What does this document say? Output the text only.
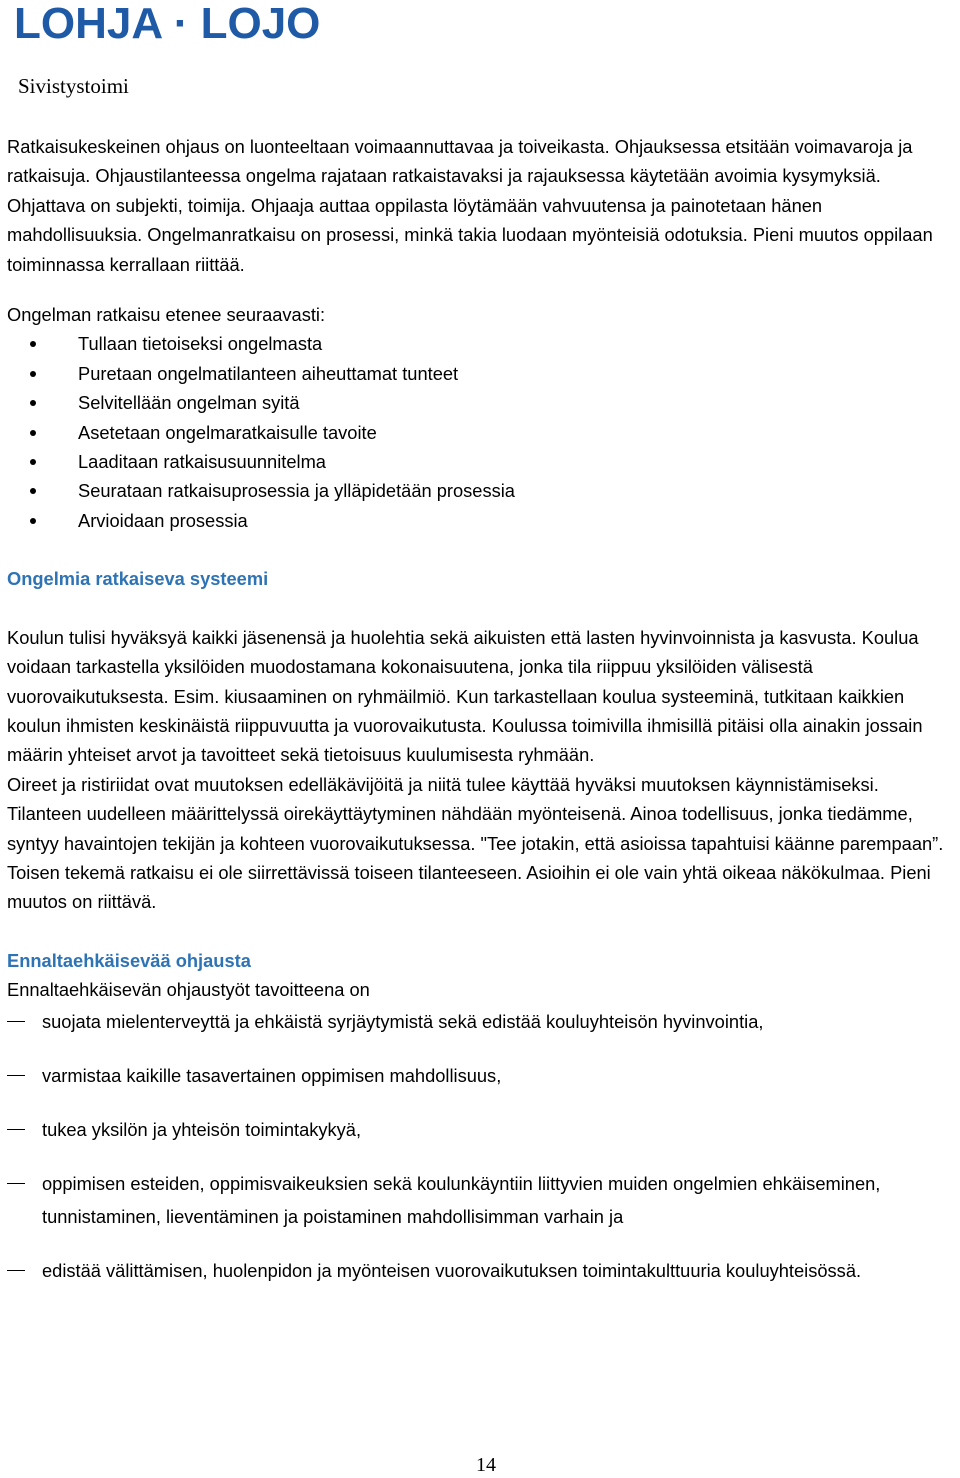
LOHJA · LOJO
Sivistystoimi

Ratkaisukeskeinen ohjaus on luonteeltaan voimaannuttavaa ja toiveikasta. Ohjauksessa etsitään voimavaroja ja ratkaisuja. Ohjaustilanteessa ongelma rajataan ratkaistavaksi ja rajauksessa käytetään avoimia kysymyksiä. Ohjattava on subjekti, toimija. Ohjaaja auttaa oppilasta löytämään vahvuutensa ja painotetaan hänen mahdollisuuksia. Ongelmanratkaisu on prosessi, minkä takia luodaan myönteisiä odotuksia. Pieni muutos oppilaan toiminnassa kerrallaan riittää.

Ongelman ratkaisu etenee seuraavasti:

Tullaan tietoiseksi ongelmasta
Puretaan ongelmatilanteen aiheuttamat tunteet
Selvitellään ongelman syitä
Asetetaan ongelmaratkaisulle tavoite
Laaditaan ratkaisusuunnitelma
Seurataan ratkaisuprosessia ja ylläpidetään prosessia
Arvioidaan prosessia
Ongelmia ratkaiseva systeemi

Koulun tulisi hyväksyä kaikki jäsenensä ja huolehtia sekä aikuisten että lasten hyvinvoinnista ja kasvusta. Koulua voidaan tarkastella yksilöiden muodostamana kokonaisuutena, jonka tila riippuu yksilöiden välisestä vuorovaikutuksesta. Esim. kiusaaminen on ryhmäilmiö. Kun tarkastellaan koulua systeeminä, tutkitaan kaikkien koulun ihmisten keskinäistä riippuvuutta ja vuorovaikutusta. Koulussa toimivilla ihmisillä pitäisi olla ainakin jossain määrin yhteiset arvot ja tavoitteet sekä tietoisuus kuulumisesta ryhmään.

Oireet ja ristiriidat ovat muutoksen edelläkävijöitä ja niitä tulee käyttää hyväksi muutoksen käynnistämiseksi. Tilanteen uudelleen määrittelyssä oirekäyttäytyminen nähdään myönteisenä. Ainoa todellisuus, jonka tiedämme, syntyy havaintojen tekijän ja kohteen vuorovaikutuksessa. "Tee jotakin, että asioissa tapahtuisi käänne parempaan”. Toisen tekemä ratkaisu ei ole siirrettävissä toiseen tilanteeseen. Asioihin ei ole vain yhtä oikeaa näkökulmaa. Pieni muutos on riittävä.

Ennaltaehkäisevää ohjausta

Ennaltaehkäisevän ohjaustyöt tavoitteena on

suojata mielenterveyttä ja ehkäistä syrjäytymistä sekä edistää kouluyhteisön hyvinvointia,
varmistaa kaikille tasavertainen oppimisen mahdollisuus,
tukea yksilön ja yhteisön toimintakykyä,
oppimisen esteiden, oppimisvaikeuksien sekä koulunkäyntiin liittyvien muiden ongelmien ehkäiseminen, tunnistaminen, lieventäminen ja poistaminen mahdollisimman varhain ja
edistää välittämisen, huolenpidon ja myönteisen vuorovaikutuksen toimintakulttuuria kouluyhteisössä.
14
